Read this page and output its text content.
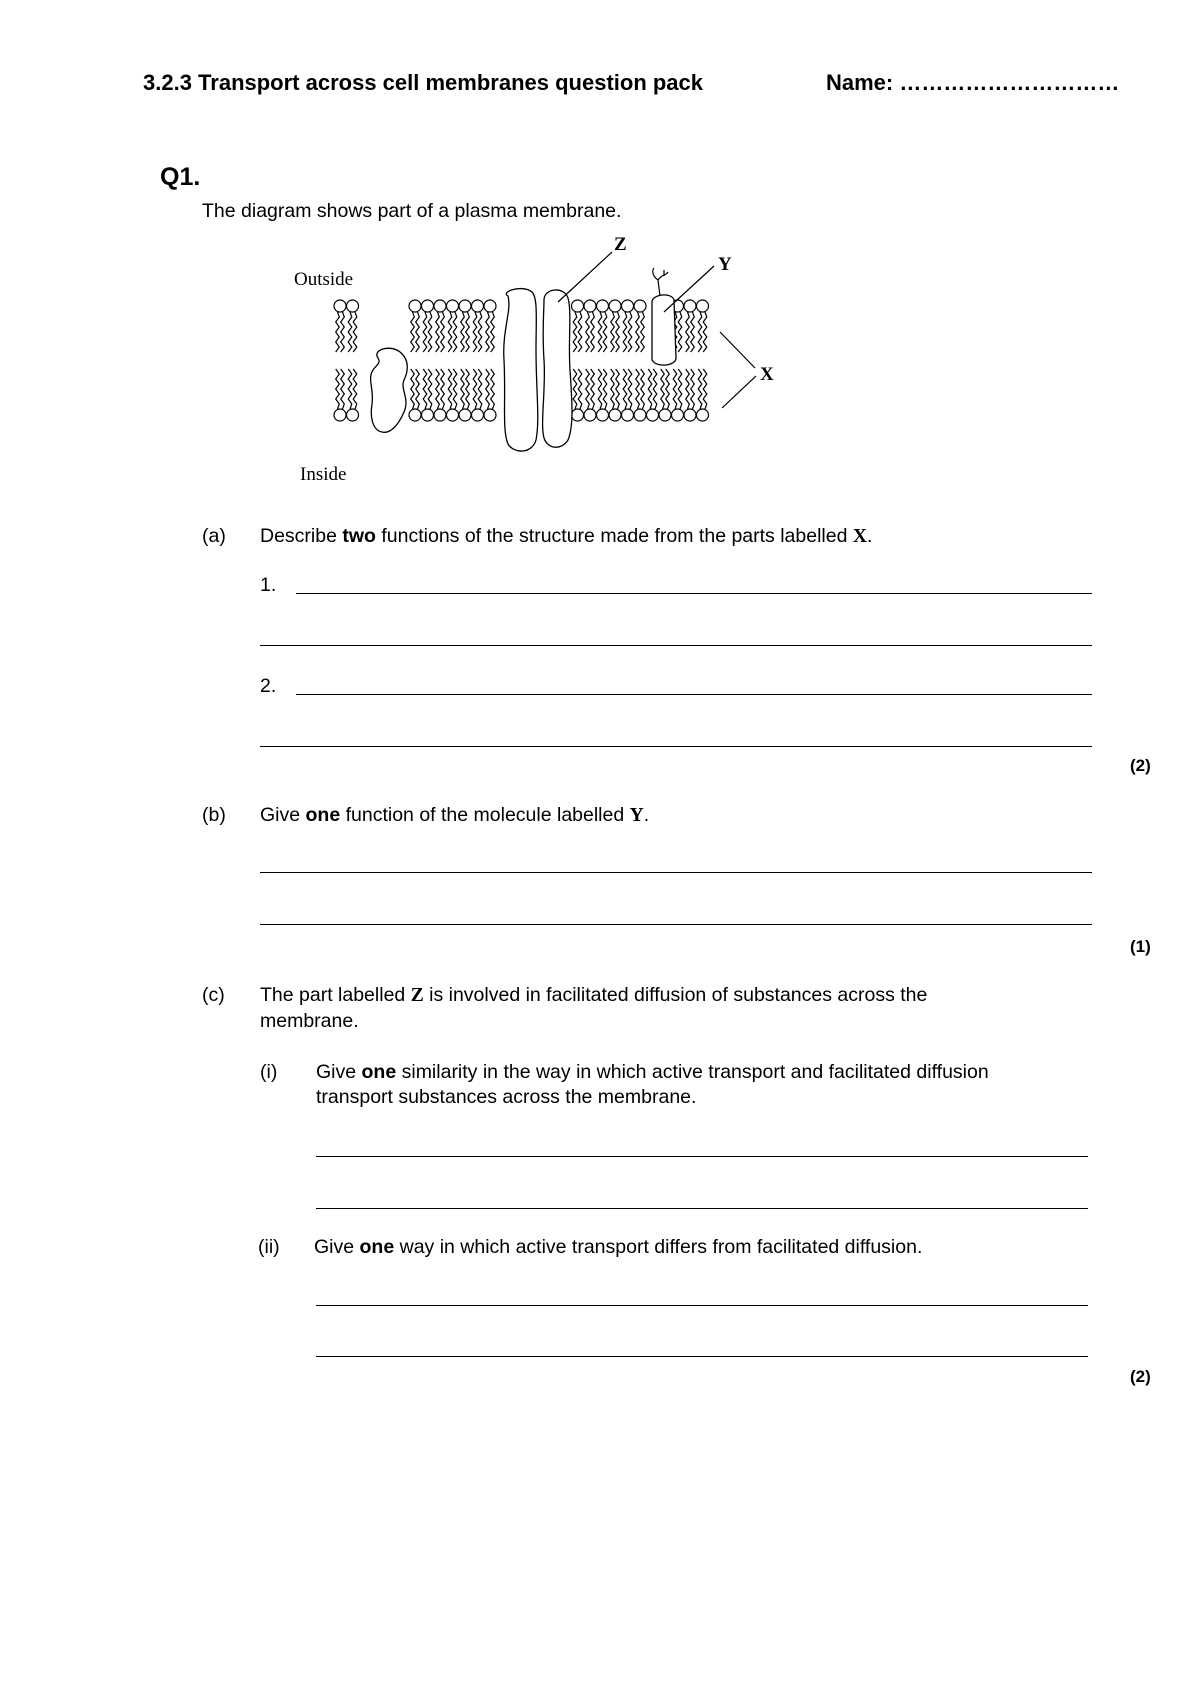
3.2.3 Transport across cell membranes question pack	Name: …………………………
Q1.
The diagram shows part of a plasma membrane.
Outside
Inside
Z
Y
X
(a) Describe two functions of the structure made from the parts labelled X.
1.
2.
(2)
(b) Give one function of the molecule labelled Y.
(1)
(c) The part labelled Z is involved in facilitated diffusion of substances across the
membrane.
(i) Give one similarity in the way in which active transport and facilitated diffusion
transport substances across the membrane.
(ii) Give one way in which active transport differs from facilitated diffusion.
(2)
